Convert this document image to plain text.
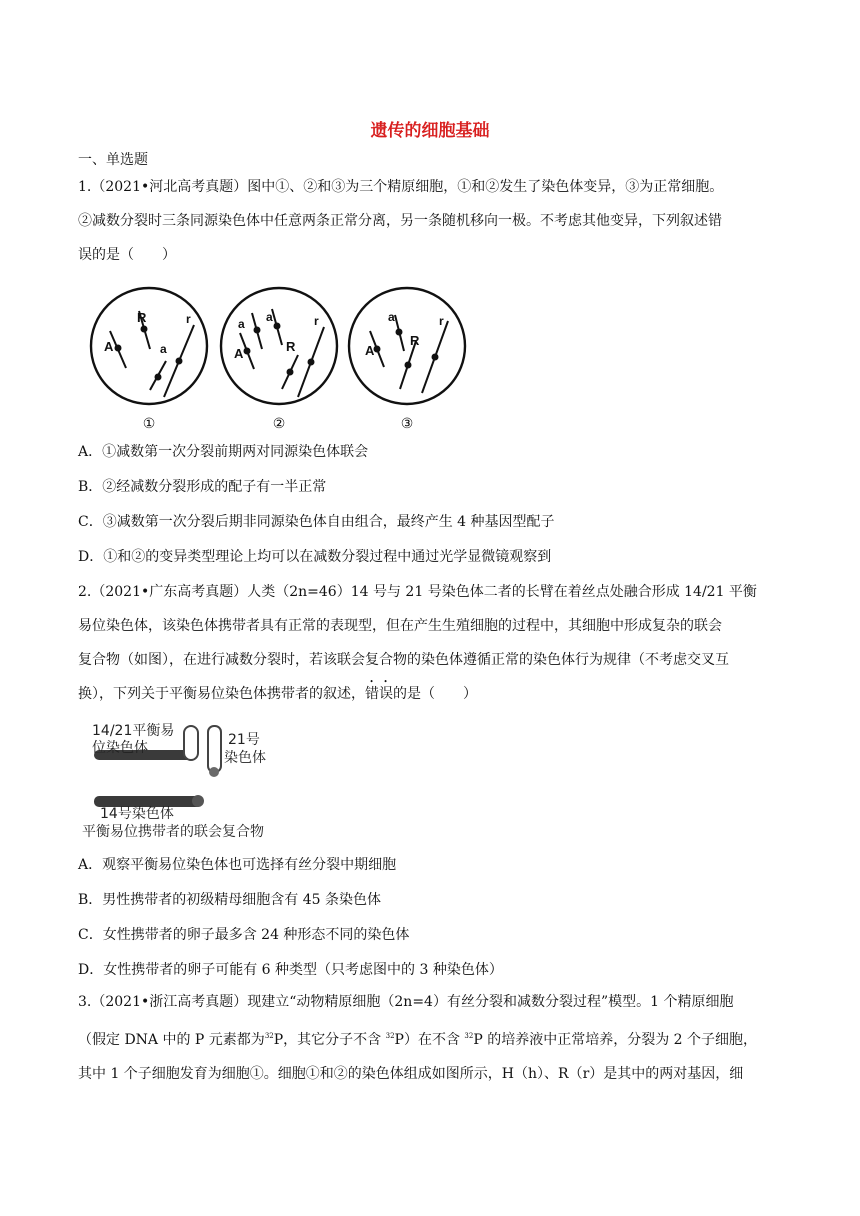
遗传的细胞基础
一、单选题
1.（2021•河北高考真题）图中①、②和③为三个精原细胞，①和②发生了染色体变异，③为正常细胞。
②减数分裂时三条同源染色体中任意两条正常分离，另一条随机移向一极。不考虑其他变异，下列叙述错
误的是（　　）
A
R
a
r
①
a a
A	R
r
②
A
a
R
r
③
A．①减数第一次分裂前期两对同源染色体联会
B．②经减数分裂形成的配子有一半正常
C．③减数第一次分裂后期非同源染色体自由组合，最终产生 4 种基因型配子
D．①和②的变异类型理论上均可以在减数分裂过程中通过光学显微镜观察到
2.（2021•广东高考真题）人类（2n=46）14 号与 21 号染色体二者的长臂在着丝点处融合形成 14/21 平衡
易位染色体，该染色体携带者具有正常的表现型，但在产生生殖细胞的过程中，其细胞中形成复杂的联会
复合物（如图），在进行减数分裂时，若该联会复合物的染色体遵循正常的染色体行为规律（不考虑交叉互
换），下列关于平衡易位染色体携带者的叙述，错误的是（　　）
14/21平衡易
位染色体	21号
染色体
14号染色体
平衡易位携带者的联会复合物
A．观察平衡易位染色体也可选择有丝分裂中期细胞
B．男性携带者的初级精母细胞含有 45 条染色体
C．女性携带者的卵子最多含 24 种形态不同的染色体
D．女性携带者的卵子可能有 6 种类型（只考虑图中的 3 种染色体）
3.（2021•浙江高考真题）现建立“动物精原细胞（2n=4）有丝分裂和减数分裂过程”模型。1 个精原细胞
（假定 DNA 中的 P 元素都为$^{32}$P，其它分子不含 $^{32}$P）在不含 $^{32}$P 的培养液中正常培养，分裂为 2 个子细胞，
其中 1 个子细胞发育为细胞①。细胞①和②的染色体组成如图所示，H（h）、R（r）是其中的两对基因，细
